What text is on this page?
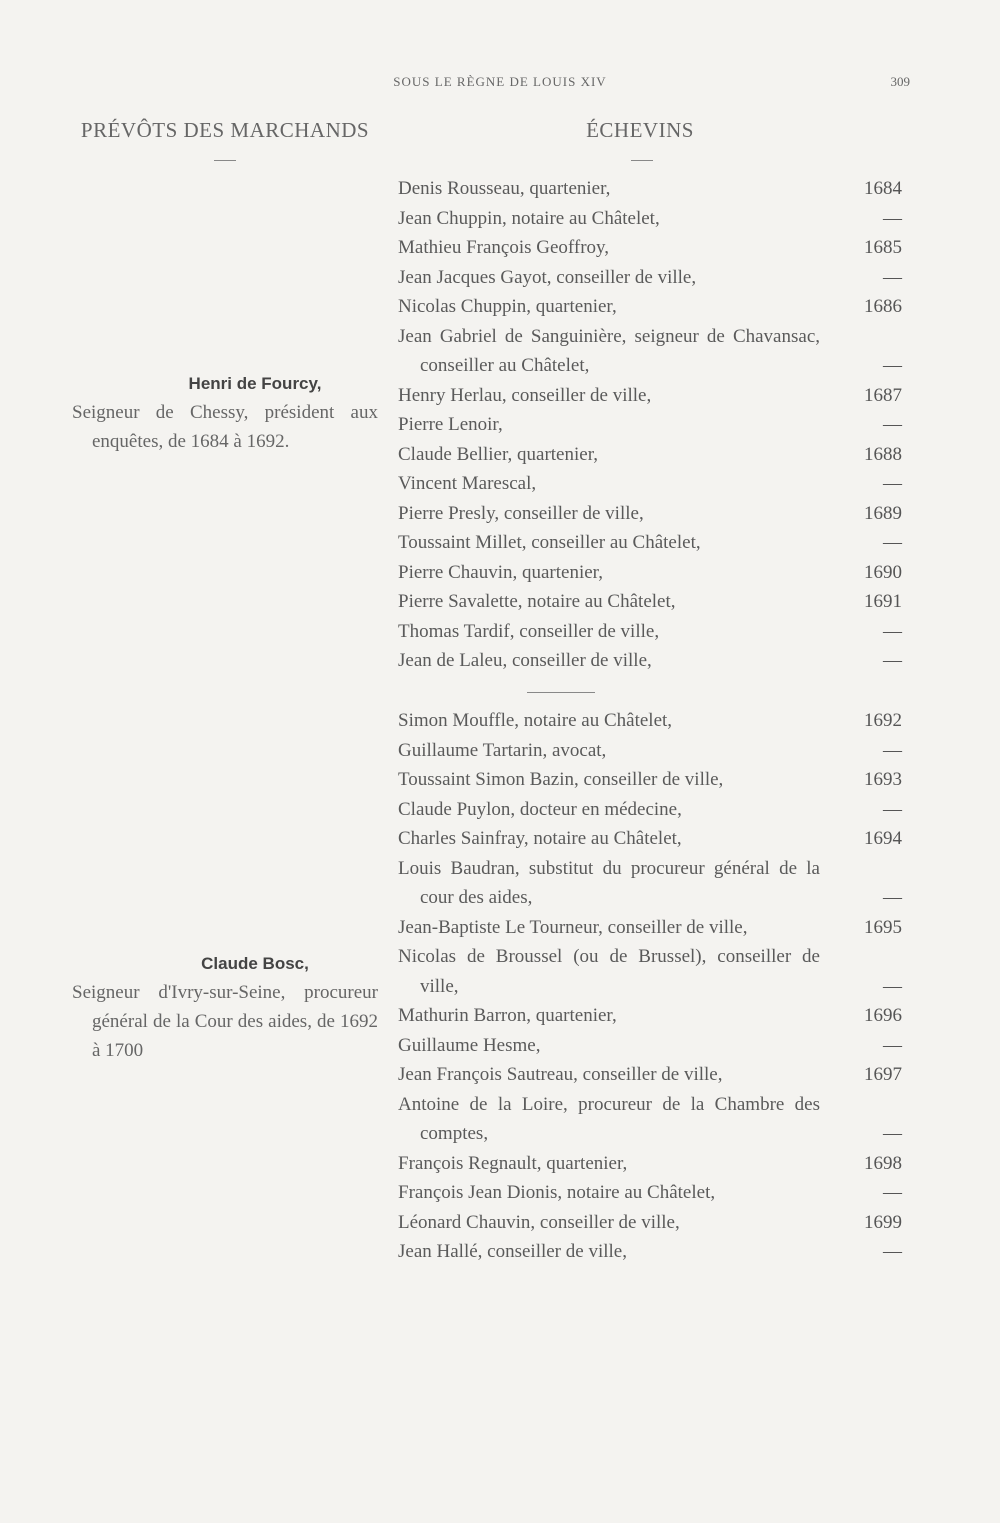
SOUS LE RÈGNE DE LOUIS XIV	309
PRÉVÔTS DES MARCHANDS	ÉCHEVINS
Henri de Fourcy,
Seigneur de Chessy, président aux enquêtes, de 1684 à 1692.
Claude Bosc,
Seigneur d'Ivry-sur-Seine, procureur général de la Cour des aides, de 1692 à 1700
Denis Rousseau, quartenier,	1684
Jean Chuppin, notaire au Châtelet,	—
Mathieu François Geoffroy,	1685
Jean Jacques Gayot, conseiller de ville,	—
Nicolas Chuppin, quartenier,	1686
Jean Gabriel de Sanguinière, seigneur de Chavansac, conseiller au Châtelet,	—
Henry Herlau, conseiller de ville,	1687
Pierre Lenoir,	—
Claude Bellier, quartenier,	1688
Vincent Marescal,	—
Pierre Presly, conseiller de ville,	1689
Toussaint Millet, conseiller au Châtelet,	—
Pierre Chauvin, quartenier,	1690
Pierre Savalette, notaire au Châtelet,	1691
Thomas Tardif, conseiller de ville,	—
Jean de Laleu, conseiller de ville,	—
Simon Mouffle, notaire au Châtelet,	1692
Guillaume Tartarin, avocat,	—
Toussaint Simon Bazin, conseiller de ville,	1693
Claude Puylon, docteur en médecine,	—
Charles Sainfray, notaire au Châtelet,	1694
Louis Baudran, substitut du procureur général de la cour des aides,	—
Jean-Baptiste Le Tourneur, conseiller de ville,	1695
Nicolas de Broussel (ou de Brussel), conseiller de ville,	—
Mathurin Barron, quartenier,	1696
Guillaume Hesme,	—
Jean François Sautreau, conseiller de ville,	1697
Antoine de la Loire, procureur de la Chambre des comptes,	—
François Regnault, quartenier,	1698
François Jean Dionis, notaire au Châtelet,	—
Léonard Chauvin, conseiller de ville,	1699
Jean Hallé, conseiller de ville,	—
